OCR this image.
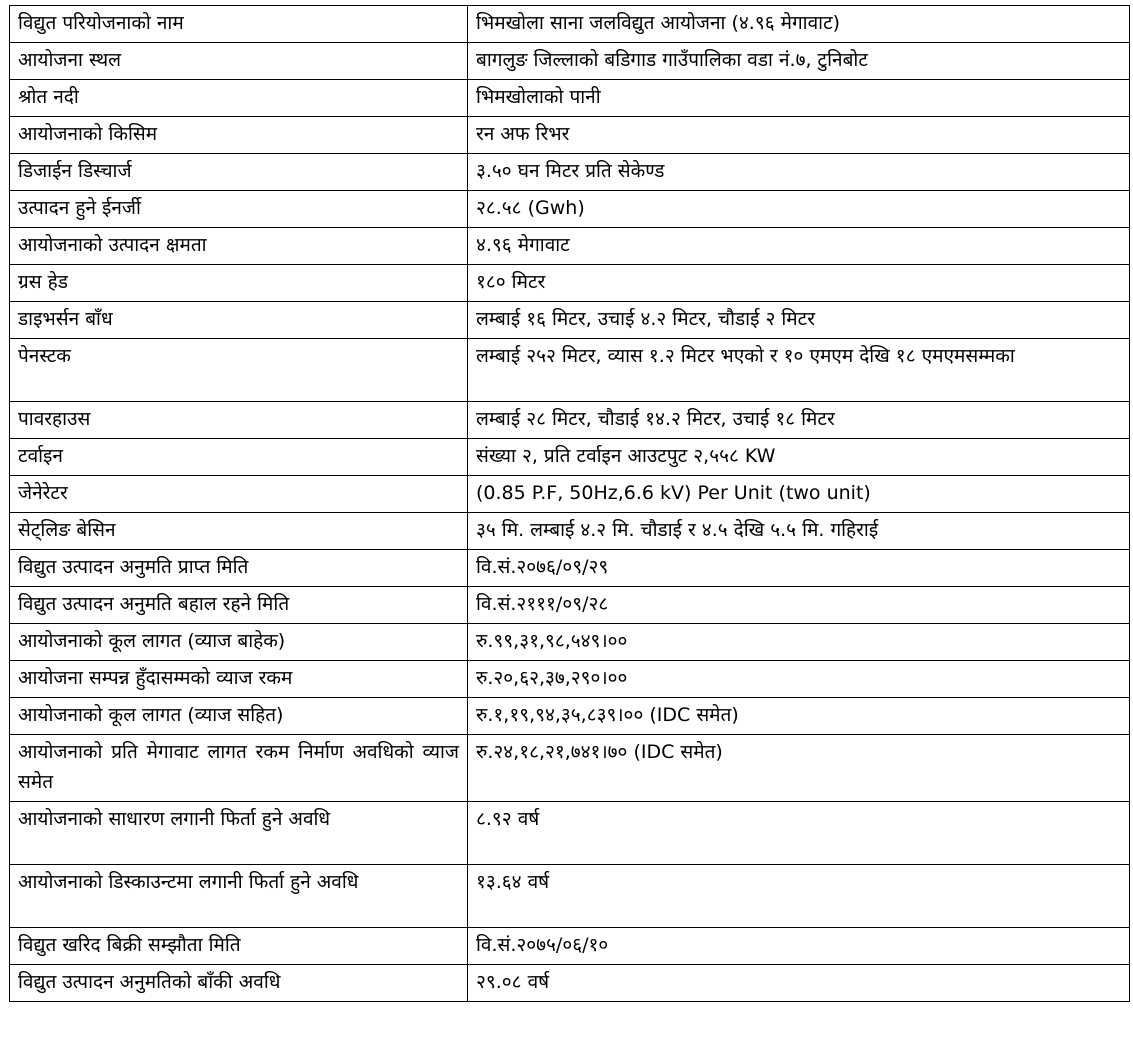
विद्युत परियोजनाको नाम	भिमखोला साना जलविद्युत आयोजना (४.९६ मेगावाट)
आयोजना स्थल	बागलुङ जिल्लाको बडिगाड गाउँपालिका वडा नं.७, टुनिबोट
श्रोत नदी	भिमखोलाको पानी
आयोजनाको किसिम	रन अफ रिभर
डिजाईन डिस्चार्ज	३.५० घन मिटर प्रति सेकेण्ड
उत्पादन हुने ईनर्जी	२८.५८ (Gwh)
आयोजनाको उत्पादन क्षमता	४.९६ मेगावाट
ग्रस हेड	१८० मिटर
डाइभर्सन बाँध	लम्बाई १६ मिटर, उचाई ४.२ मिटर, चौडाई २ मिटर
पेनस्टक	लम्बाई २५२ मिटर, व्यास १.२ मिटर भएको र १० एमएम देखि १८ एमएमसम्मका
पावरहाउस	लम्बाई २८ मिटर, चौडाई १४.२ मिटर, उचाई १८ मिटर
टर्वाइन	संख्या २, प्रति टर्वाइन आउटपुट २,५५८ KW
जेनेरेटर	(0.85 P.F, 50Hz,6.6 kV) Per Unit (two unit)
सेट्लिङ बेसिन	३५ मि. लम्बाई ४.२ मि. चौडाई र ४.५ देखि ५.५ मि. गहिराई
विद्युत उत्पादन अनुमति प्राप्त मिति	वि.सं.२०७६/०९/२९
विद्युत उत्पादन अनुमति बहाल रहने मिति	वि.सं.२१११/०९/२८
आयोजनाको कूल लागत (व्याज बाहेक)	रु.९९,३१,९८,५४९।००
आयोजना सम्पन्न हुँदासम्मको व्याज रकम	रु.२०,६२,३७,२९०।००
आयोजनाको कूल लागत (व्याज सहित)	रु.१,१९,९४,३५,८३९।०० (IDC समेत)
आयोजनाको प्रति मेगावाट लागत रकम निर्माण अवधिको व्याज समेत	रु.२४,१८,२१,७४१।७० (IDC समेत)
आयोजनाको साधारण लगानी फिर्ता हुने अवधि	८.९२ वर्ष
आयोजनाको डिस्काउन्टमा लगानी फिर्ता हुने अवधि	१३.६४ वर्ष
विद्युत खरिद बिक्री सम्झौता मिति	वि.सं.२०७५/०६/१०
विद्युत उत्पादन अनुमतिको बाँकी अवधि	२९.०८ वर्ष
